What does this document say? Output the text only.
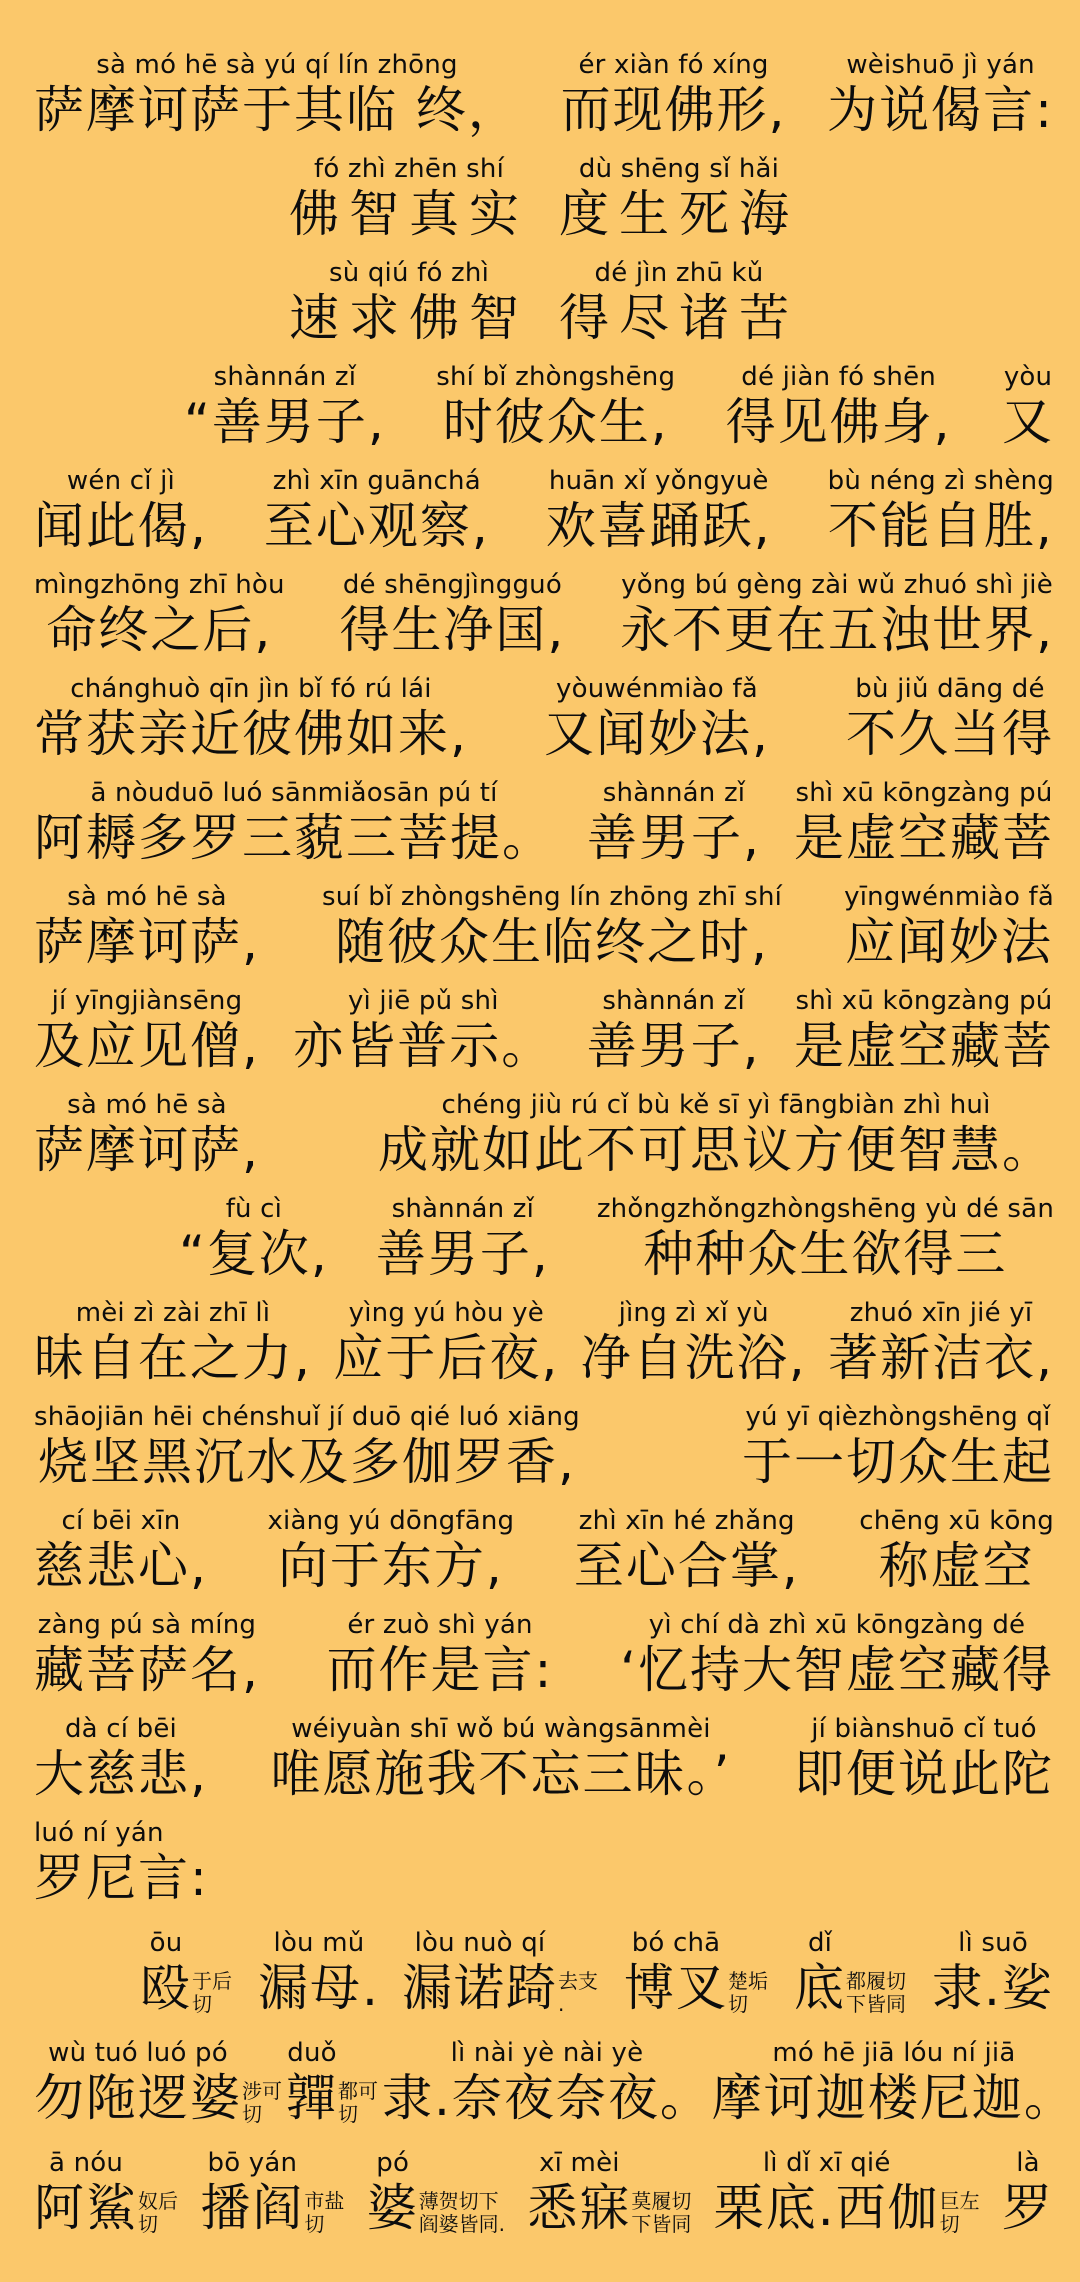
sà mó hē sà yú qí lín zhōng
萨摩诃萨于其临 终，
ér xiàn fó xíng
而现佛形,
wèishuō jì yán
为说偈言:
fó zhì zhēn shí
佛智真实
dù shēng sǐ hǎi
度生死海
sù qiú fó zhì
速求佛智
dé jìn zhū kǔ
得尽诸苦
shànnán zǐ
“善男子,
shí bǐ zhòngshēng
时彼众生,
dé jiàn fó shēn
得见佛身,
yòu
又
wén cǐ jì
闻此偈,
zhì xīn guānchá
至心观察,
huān xǐ yǒngyuè
欢喜踊跃,
bù néng zì shèng
不能自胜,
mìngzhōng zhī hòu
命终之后,
dé shēngjìngguó
得生净国,
yǒng bú gèng zài wǔ zhuó shì jiè
永不更在五浊世界,
chánghuò qīn jìn bǐ fó rú lái
常获亲近彼佛如来,
yòuwénmiào fǎ
又闻妙法,
bù jiǔ dāng dé
不久当得
ā nòuduō luó sānmiǎosān pú tí
阿耨多罗三藐三菩提。
shànnán zǐ
善男子,
shì xū kōngzàng pú
是虚空藏菩
sà mó hē sà
萨摩诃萨,
suí bǐ zhòngshēng lín zhōng zhī shí
随彼众生临终之时,
yīngwénmiào fǎ
应闻妙法
jí yīngjiànsēng
及应见僧,
yì jiē pǔ shì
亦皆普示。
shànnán zǐ
善男子,
shì xū kōngzàng pú
是虚空藏菩
sà mó hē sà
萨摩诃萨,
chéng jiù rú cǐ bù kě sī yì fāngbiàn zhì huì
成就如此不可思议方便智慧。
fù cì
“复次,
shànnán zǐ
善男子,
zhǒngzhǒngzhòngshēng yù dé sān
种种众生欲得三
mèi zì zài zhī lì
昧自在之力,
yìng yú hòu yè
应于后夜,
jìng zì xǐ yù
净自洗浴,
zhuó xīn jié yī
著新洁衣,
shāojiān hēi chénshuǐ jí duō qié luó xiāng
烧坚黑沉水及多伽罗香,
yú yī qièzhòngshēng qǐ
于一切众生起
cí bēi xīn
慈悲心,
xiàng yú dōngfāng
向于东方,
zhì xīn hé zhǎng
至心合掌,
chēng xū kōng
称虚空
zàng pú sà míng
藏菩萨名,
ér zuò shì yán
而作是言:
yì chí dà zhì xū kōngzàng dé
‘忆持大智虚空藏得
dà cí bēi
大慈悲,
wéiyuàn shī wǒ bú wàngsānmèi
唯愿施我不忘三昧。’
jí biànshuō cǐ tuó
即便说此陀
luó ní yán
罗尼言:
ōu
殴 于后
切
lòu mǔ
漏母.
lòu nuò qí
漏诺踦 去支
.
bó chā
博叉 楚垢
切
dǐ
底 都履切
下皆同
lì suō
隶.娑
wù tuó luó pó
勿陁逻婆 涉可
切
duǒ
嚲 都可
切
lì nài yè nài yè
隶.奈夜奈夜。
mó hē jiā lóu ní jiā
摩诃迦楼尼迦。
ā nóu
阿鯊 奴后
切
bō yán
播阎 市盐
切
pó
婆 薄贺切下
阎婆皆同.
xī mèi
悉寐 莫履切
下皆同
lì dǐ xī qié
栗底.西伽 巨左
切
là
罗
